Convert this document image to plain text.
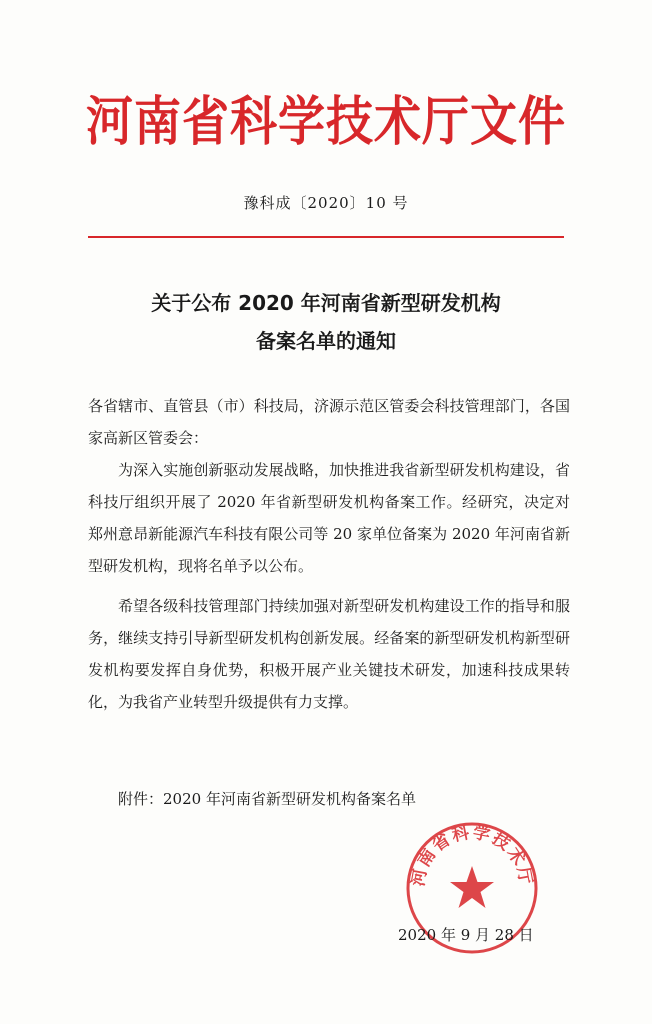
河南省科学技术厅文件
豫科成〔2020〕10 号
关于公布 2020 年河南省新型研发机构
备案名单的通知
各省辖市、直管县（市）科技局，济源示范区管委会科技管理部门，各国家高新区管委会：
为深入实施创新驱动发展战略，加快推进我省新型研发机构建设，省科技厅组织开展了 2020 年省新型研发机构备案工作。经研究，决定对郑州意昂新能源汽车科技有限公司等 20 家单位备案为 2020 年河南省新型研发机构，现将名单予以公布。
希望各级科技管理部门持续加强对新型研发机构建设工作的指导和服务，继续支持引导新型研发机构创新发展。经备案的新型研发机构新型研发机构要发挥自身优势，积极开展产业关键技术研发，加速科技成果转化，为我省产业转型升级提供有力支撑。
附件：2020 年河南省新型研发机构备案名单
河南省科学技术厅
2020 年 9 月 28 日
